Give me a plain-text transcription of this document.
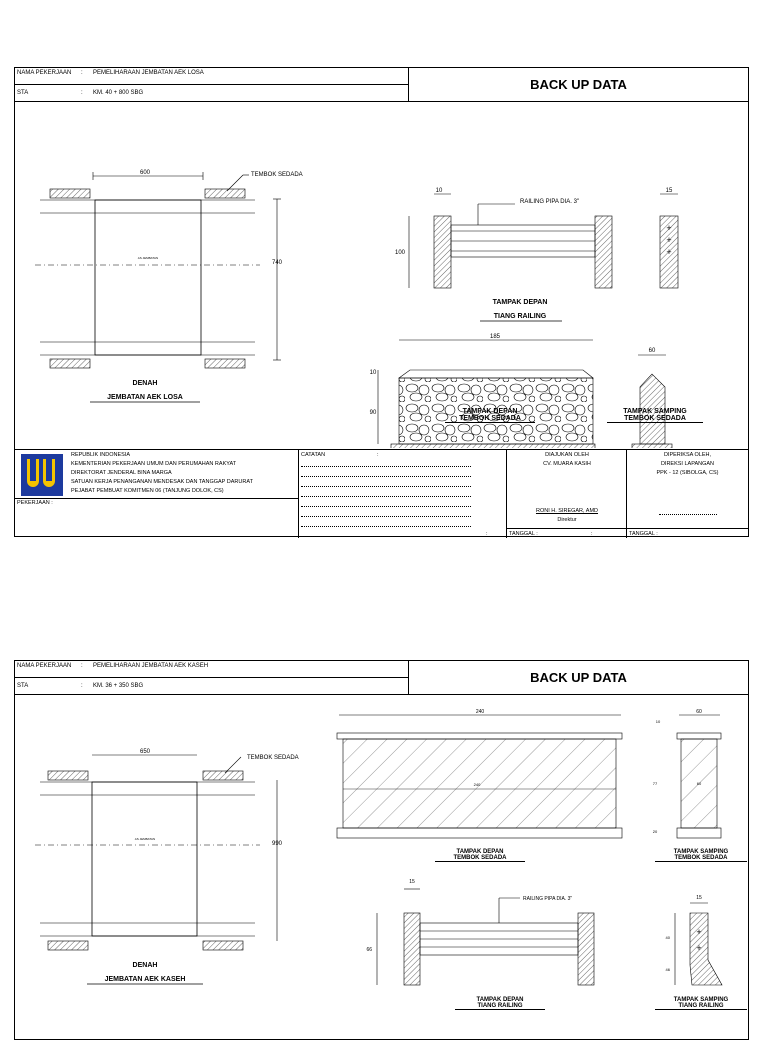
NAMA PEKERJAAN : PEMELIHARAAN JEMBATAN AEK LOSA
STA	: KM. 40 + 800 SBG
BACK UP DATA
600
AS JEMBATAN
740
TEMBOK SEDADA
DENAH
JEMBATAN AEK LOSA
10
RAILING PIPA DIA. 3"
100
15
+
+
+
TAMPAK DEPAN
TIANG RAILING
185
10
90
60
TAMPAK DEPAN
TEMBOK SEDADA
TAMPAK SAMPING
TEMBOK SEDADA
REPUBLIK INDONESIA
KEMENTERIAN PEKERJAAN UMUM DAN PERUMAHAN RAKYAT
DIREKTORAT JENDERAL BINA MARGA
SATUAN KERJA PENANGANAN MENDESAK DAN TANGGAP DARURAT
PEJABAT PEMBUAT KOMITMEN 06 (TANJUNG DOLOK, CS)
PEKERJAAN :
CATATAN	:
:
DIAJUKAN OLEH
CV. MUARA KASIH
RONI H. SIREGAR, AMD
Direktur
TANGGAL :	:
DIPERIKSA OLEH,
DIREKSI LAPANGAN
PPK - 12 (SIBOLGA, CS)
TANGGAL :
NAMA PEKERJAAN : PEMELIHARAAN JEMBATAN AEK KASEH
STA	: KM. 36 + 350 SBG
BACK UP DATA
650
AS JEMBATAN
990
TEMBOK SEDADA
DENAH
JEMBATAN AEK KASEH
240
240
60
10
77	60
20
15
RAILING PIPA DIA. 3"
66
15
+
+
40
46
TAMPAK DEPAN
TEMBOK SEDADA
TAMPAK SAMPING
TEMBOK SEDADA
TAMPAK DEPAN
TIANG RAILING
TAMPAK SAMPING
TIANG RAILING
